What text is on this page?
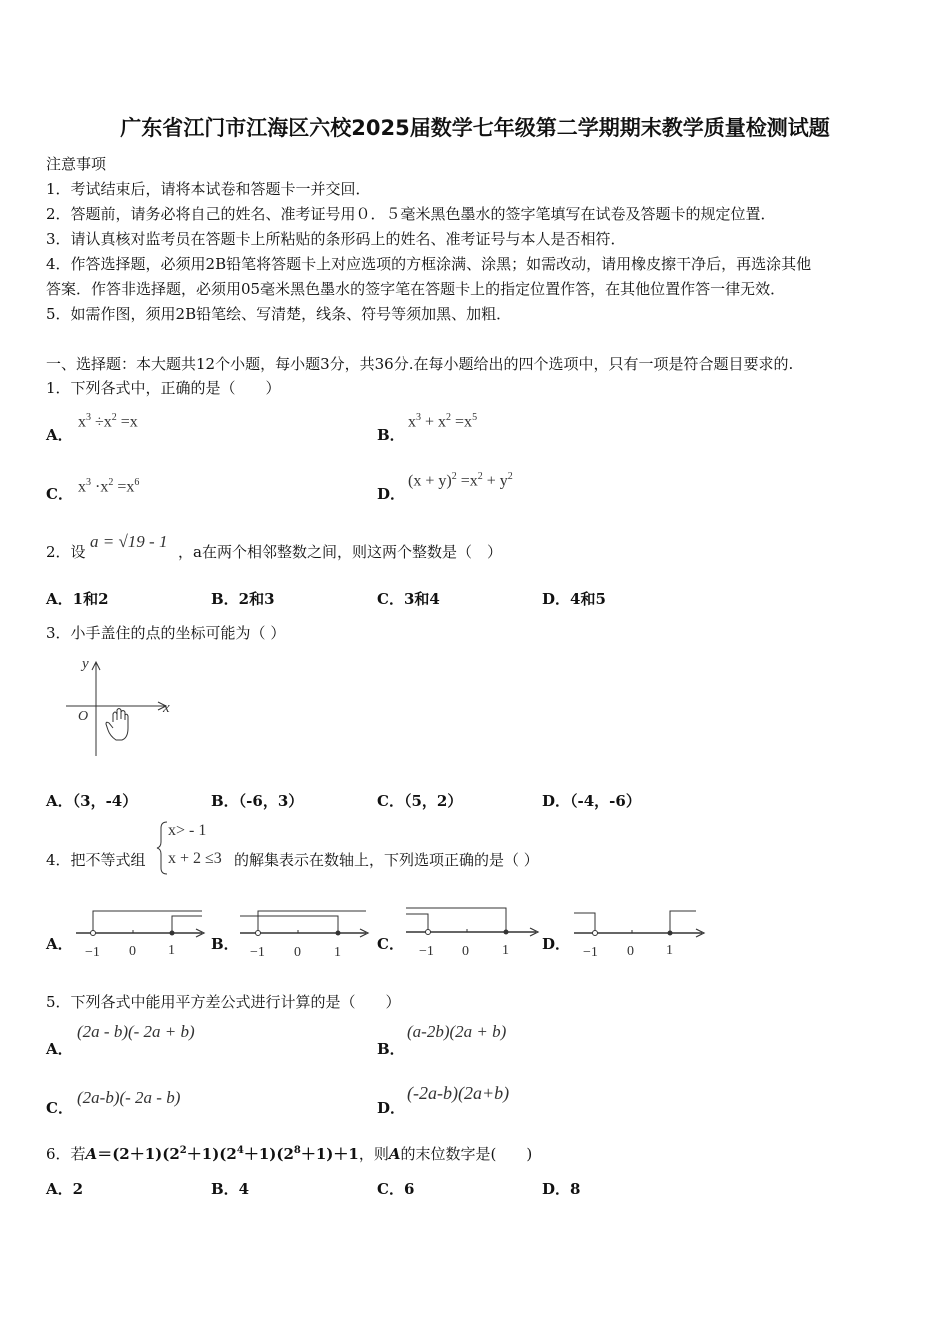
广东省江门市江海区六校2025届数学七年级第二学期期末教学质量检测试题
注意事项
1．考试结束后，请将本试卷和答题卡一并交回．
2．答题前，请务必将自己的姓名、准考证号用０．５毫米黑色墨水的签字笔填写在试卷及答题卡的规定位置．
3．请认真核对监考员在答题卡上所粘贴的条形码上的姓名、准考证号与本人是否相符．
4．作答选择题，必须用2B铅笔将答题卡上对应选项的方框涂满、涂黑；如需改动，请用橡皮擦干净后，再选涂其他
答案．作答非选择题，必须用05毫米黑色墨水的签字笔在答题卡上的指定位置作答，在其他位置作答一律无效．
5．如需作图，须用2B铅笔绘、写清楚，线条、符号等须加黑、加粗．
一、选择题：本大题共12个小题，每小题3分，共36分.在每小题给出的四个选项中，只有一项是符合题目要求的.
1．下列各式中，正确的是（　　）
A．
$x^3 \div x^2 =x$
B．
$x^3 + x^2 =x^5$
C． $x^3 \cdot x^2 =x^6$
D．
$(x + y)^2 =x^2 + y^2$
2．设
a = √19 - 1
，a在两个相邻整数之间，则这两个整数是（　）
A．1和2	B．2和3	C．3和4	D．4和5
3．小手盖住的点的坐标可能为（ ）
x
y
O
A．（3，-4）	B．（-6，3）	C．（5，2）	D．（-4，-6）
4．把不等式组
x> - 1
x + 2 ≤3 的解集表示在数轴上，下列选项正确的是（ ）
A． −1 0 1 B． −1 0 1 C． −1 0 1 D． −1 0 1
5．下列各式中能用平方差公式进行计算的是（　　）
A．
(2a - b)(- 2a + b)
B．
(a-2b)(2a + b)
C．
(2a-b)(- 2a - b)
D．
(-2a-b)(2a+b)
6．若$A=(2+1)(2^2+1)(2^4+1)(2^8+1)+1$，则A的末位数字是(　　)
A．2	B．4	C．6	D．8
